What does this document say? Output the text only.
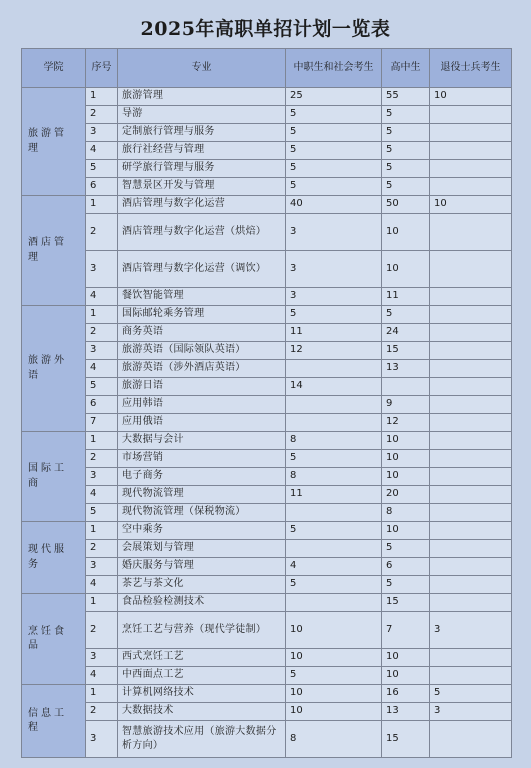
2025年高职单招计划一览表
学院	序号	专业	中职生和社会考生	高中生	退役士兵考生
旅游管理	1	旅游管理	25	55	10
	2	导游	5	5	
	3	定制旅行管理与服务	5	5	
	4	旅行社经营与管理	5	5	
	5	研学旅行管理与服务	5	5	
	6	智慧景区开发与管理	5	5	
酒店管理	1	酒店管理与数字化运营	40	50	10
	2	酒店管理与数字化运营（烘焙）	3	10	
	3	酒店管理与数字化运营（调饮）	3	10	
	4	餐饮智能管理	3	11	
旅游外语	1	国际邮轮乘务管理	5	5	
	2	商务英语	11	24	
	3	旅游英语（国际领队英语）	12	15	
	4	旅游英语（涉外酒店英语）		13	
	5	旅游日语	14		
	6	应用韩语		9	
	7	应用俄语		12	
国际工商	1	大数据与会计	8	10	
	2	市场营销	5	10	
	3	电子商务	8	10	
	4	现代物流管理	11	20	
	5	现代物流管理（保税物流）		8	
现代服务	1	空中乘务	5	10	
	2	会展策划与管理		5	
	3	婚庆服务与管理	4	6	
	4	茶艺与茶文化	5	5	
烹饪食品	1	食品检验检测技术		15	
	2	烹饪工艺与营养（现代学徒制）	10	7	3
	3	西式烹饪工艺	10	10	
	4	中西面点工艺	5	10	
信息工程	1	计算机网络技术	10	16	5
	2	大数据技术	10	13	3
	3	智慧旅游技术应用（旅游大数据分析方向）	8	15	
